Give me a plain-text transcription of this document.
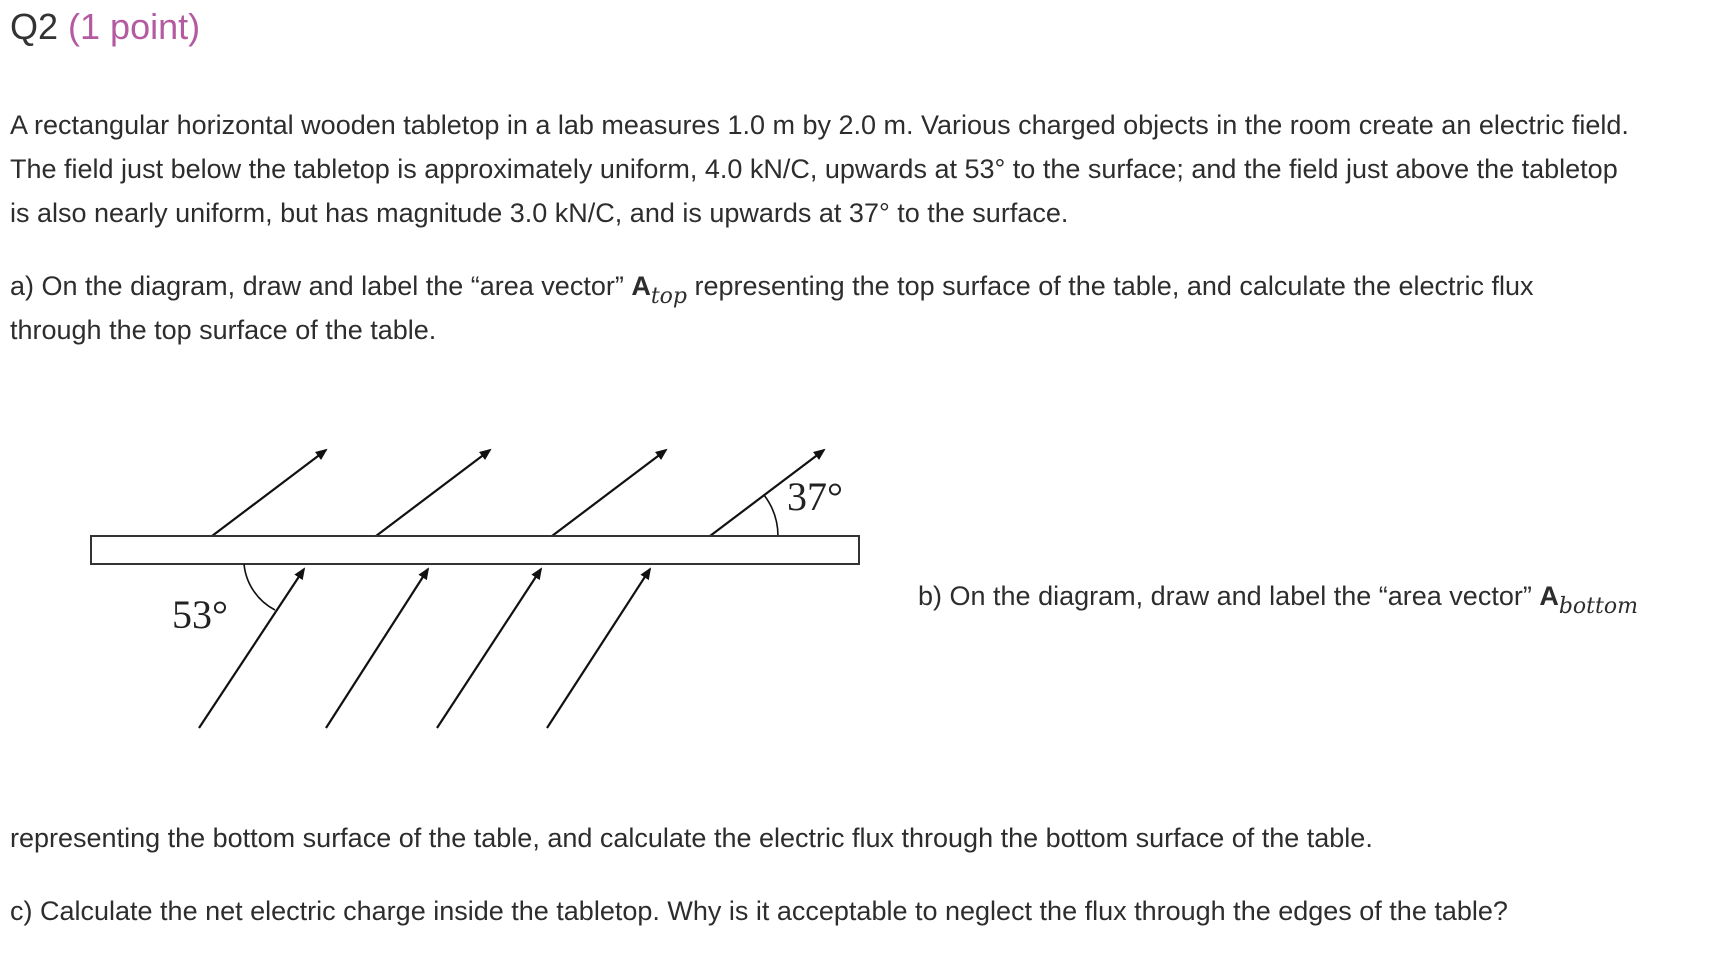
Q2 (1 point)
A rectangular horizontal wooden tabletop in a lab measures 1.0 m by 2.0 m. Various charged objects in the room create an electric field.
The field just below the tabletop is approximately uniform, 4.0 kN/C, upwards at 53° to the surface; and the field just above the tabletop
is also nearly uniform, but has magnitude 3.0 kN/C, and is upwards at 37° to the surface.
a) On the diagram, draw and label the “area vector” $A_{top}$ representing the top surface of the table, and calculate the electric flux
through the top surface of the table.
37°
53°	b) On the diagram, draw and label the “area vector” $A_{bottom}$
representing the bottom surface of the table, and calculate the electric flux through the bottom surface of the table.
c) Calculate the net electric charge inside the tabletop. Why is it acceptable to neglect the flux through the edges of the table?
